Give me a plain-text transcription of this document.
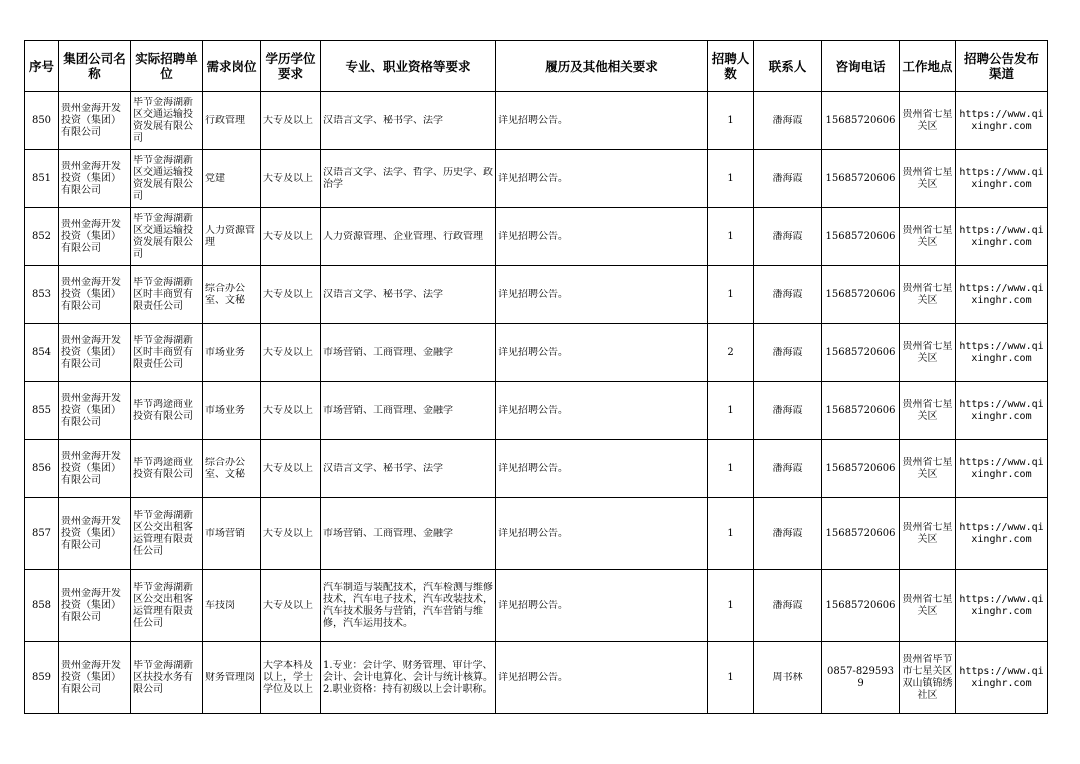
序号	集团公司名称	实际招聘单位	需求岗位	学历学位要求	专业、职业资格等要求	履历及其他相关要求	招聘人数	联系人	咨询电话	工作地点	招聘公告发布渠道

850	贵州金海开发投资（集团）有限公司	毕节金海湖新区交通运输投资发展有限公司	行政管理	大专及以上	汉语言文学、秘书学、法学	详见招聘公告。	1	潘海霞	15685720606	贵州省七星关区	https://www.qixinghr.com

851	贵州金海开发投资（集团）有限公司	毕节金海湖新区交通运输投资发展有限公司	党建	大专及以上	汉语言文学、法学、哲学、历史学、政治学	详见招聘公告。	1	潘海霞	15685720606	贵州省七星关区	https://www.qixinghr.com

852	贵州金海开发投资（集团）有限公司	毕节金海湖新区交通运输投资发展有限公司	人力资源管理	大专及以上	人力资源管理、企业管理、行政管理	详见招聘公告。	1	潘海霞	15685720606	贵州省七星关区	https://www.qixinghr.com

853	贵州金海开发投资（集团）有限公司	毕节金海湖新区时丰商贸有限责任公司	综合办公室、文秘	大专及以上	汉语言文学、秘书学、法学	详见招聘公告。	1	潘海霞	15685720606	贵州省七星关区	https://www.qixinghr.com

854	贵州金海开发投资（集团）有限公司	毕节金海湖新区时丰商贸有限责任公司	市场业务	大专及以上	市场营销、工商管理、金融学	详见招聘公告。	2	潘海霞	15685720606	贵州省七星关区	https://www.qixinghr.com

855	贵州金海开发投资（集团）有限公司	毕节鸿途商业投资有限公司	市场业务	大专及以上	市场营销、工商管理、金融学	详见招聘公告。	1	潘海霞	15685720606	贵州省七星关区	https://www.qixinghr.com

856	贵州金海开发投资（集团）有限公司	毕节鸿途商业投资有限公司	综合办公室、文秘	大专及以上	汉语言文学、秘书学、法学	详见招聘公告。	1	潘海霞	15685720606	贵州省七星关区	https://www.qixinghr.com

857	贵州金海开发投资（集团）有限公司	毕节金海湖新区公交出租客运管理有限责任公司	市场营销	大专及以上	市场营销、工商管理、金融学	详见招聘公告。	1	潘海霞	15685720606	贵州省七星关区	https://www.qixinghr.com

858	贵州金海开发投资（集团）有限公司	毕节金海湖新区公交出租客运管理有限责任公司	车技岗	大专及以上	汽车制造与装配技术，汽车检测与维修技术，汽车电子技术，汽车改装技术，汽车技术服务与营销，汽车营销与维修，汽车运用技术。	详见招聘公告。	1	潘海霞	15685720606	贵州省七星关区	https://www.qixinghr.com

859	贵州金海开发投资（集团）有限公司	毕节金海湖新区扶投水务有限公司	财务管理岗	大学本科及以上，学士学位及以上	1.专业：会计学、财务管理、审计学、会计、会计电算化、会计与统计核算。2.职业资格：持有初级以上会计职称。	详见招聘公告。	1	周书林	0857-8295939	贵州省毕节市七星关区双山镇锦绣社区	https://www.qixinghr.com
